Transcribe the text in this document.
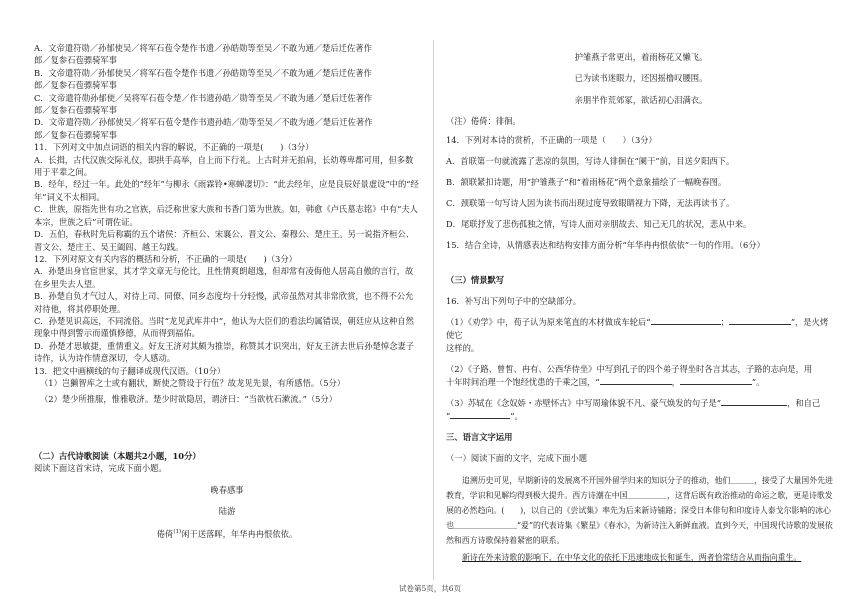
A．文帝遣符勋／孙郁使吴／将军石苞令楚作书遗／孙皓勋等至吴／不敢为通／楚后迁佐著作
郎／复参石苞骠骑军事
B．文帝遣符勋／孙郁使吴／将军石苞令楚作书遗／孙皓勋等至吴／不敢为通／楚后迁佐著作
郎／复参石苞骠骑军事
C．文帝遣符勋孙郁使／吴将军石苞令楚／作书遗孙皓／勋等至吴／不敢为通／楚后迁佐著作
郎／复参石苞骠骑军事
D．文帝遣符勋／孙郁使吴／将军石苞令楚作书遗孙皓／勋等至吴／不敢为通／楚后迁佐著作
郎／复参石苞骠骑军事
11．下列对文中加点词语的相关内容的解说，不正确的一项是(　　)（3分）
A．长揖，古代汉族交际礼仪，即拱手高举，自上而下行礼。上古时并无拍肩，长幼尊卑都可用，但多数用于平辈之间。
B．经年，经过一年。此处的“经年”与柳永《雨霖铃•寒蝉凄切》：“此去经年，应是良辰好景虚设”中的“经年”词义不太相同。
C．世族，原指先世有功之官族，后泛称世家大族和书香门第为世族。如，韩愈《卢氏墓志铭》中有“夫人本宗，世族之后”可谓佐证。
D．五伯，春秋时先后称霸的五个诸侯：齐桓公、宋襄公、晋文公、秦穆公、楚庄王。另一说指齐桓公、晋文公、楚庄王、吴王阖闾、越王勾践。
12．下列对原文有关内容的概括和分析，不正确的一项是(　　)（3分）
A．孙楚出身官宦世家，其才学文章无与伦比，且性情爽朗超逸，但却常有凌侮他人居高自傲的言行，故在乡里失去人望。
B．孙楚自负才气过人，对待上司、同僚、同乡态度均十分轻慢，武帝虽然对其非常欣赏，也不得不公允对待他，将其停职处理。
C．孙楚见识高远，不同流俗。当时“龙见武库井中”，他认为大臣们的看法均属错误，朝廷应从这种自然现象中得到警示而谨慎修德，从而得到福佑。
D．孙楚才思敏捷，重情重义。好友王济对其颇为推崇，称赞其才识突出，好友王济去世后孙楚悼念妻子诗作，认为诗作情意深切，令人感动。
13．把文中画横线的句子翻译成现代汉语。（10分）
（1）岂獭智库之士或有翻状，断使之赞设于行伍？故龙见先景，有所感悟。（5分）
（2）楚少所推服，惟雅敬济。楚少时欲隐居，谓济曰：“当欲枕石漱流。”（5分）
（二）古代诗歌阅读（本题共2小题，10分）
阅读下面这首宋诗，完成下面小题。
晚春感事
陆游
倦倚$^{(1)}$闲干送落晖，年华冉冉恨依依。
护雏燕子常更出，着雨杨花又懒飞。
已为读书迷眼力，还因摇橹叹腰围。
亲朋半作荒郊冢，欲话初心泪满衣。
（注）倦倚：徘徊。
14．下列对本诗的赏析，不正确的一项是（　　）（3分）
A．首联第一句就流露了悲凉的氛围，写诗人徘徊在“阑干”前，目送夕阳西下。
B．颔联紧扣诗题，用“护雏燕子”和“着雨杨花”两个意象描绘了一幅晚春图。
C．颈联第一句写诗人因为读书而出现过度导致眼睛视力下降，无法再读书了。
D．尾联抒发了悲伤孤独之情，写诗人面对亲朋故去、知己无几的状况，悲从中来。
15．结合全诗，从情感表达和结构安排方面分析“年华冉冉恨依依”一句的作用。（6分）
（三）情景默写
16．补写出下列句子中的空缺部分。
（1）《劝学》中，荀子认为原来笔直的木材做成车轮后“	；	”，是火烤使它
这样的。
（2）《子路、曾皙、冉有、公西华侍坐》中写到孔子的四个弟子得坐时各言其志，子路的志向是，用
十年时间治理一个饱经忧患的千乘之国，“	，	”。
（3）苏轼在《念奴娇・赤壁怀古》中写周瑜体貌不凡、豪气焕发的句子是“	，和自己
“	”。
三、语言文字运用
（一）阅读下面的文字，完成下面小题
追溯历史可见，早期新诗的发展离不开国外留学归来的知识分子的推动，他们＿＿＿，接受了大量国外先进教育，学识和见解均得到极大提升。西方诗潮在中国＿＿＿＿＿，这背后既有政治推动的命运之歌，更是诗歌发展的必然趋向。(　　)，以自己的《尝试集》率先为后来新诗铺路；深受日本俳句和印度诗人泰戈尔影响的冰心也＿＿＿＿＿＿＿＿“爱”的代表诗集《繁星》《春水》，为新诗注入新鲜血液。直到今天，中国现代诗歌的发展依然和西方诗歌保持着紧密的联系。
新诗在外来诗歌的影响下，在中华文化的依托下迅速地成长和诞生，两者恰常结合从而指向重生。
试卷第5页，共6页
